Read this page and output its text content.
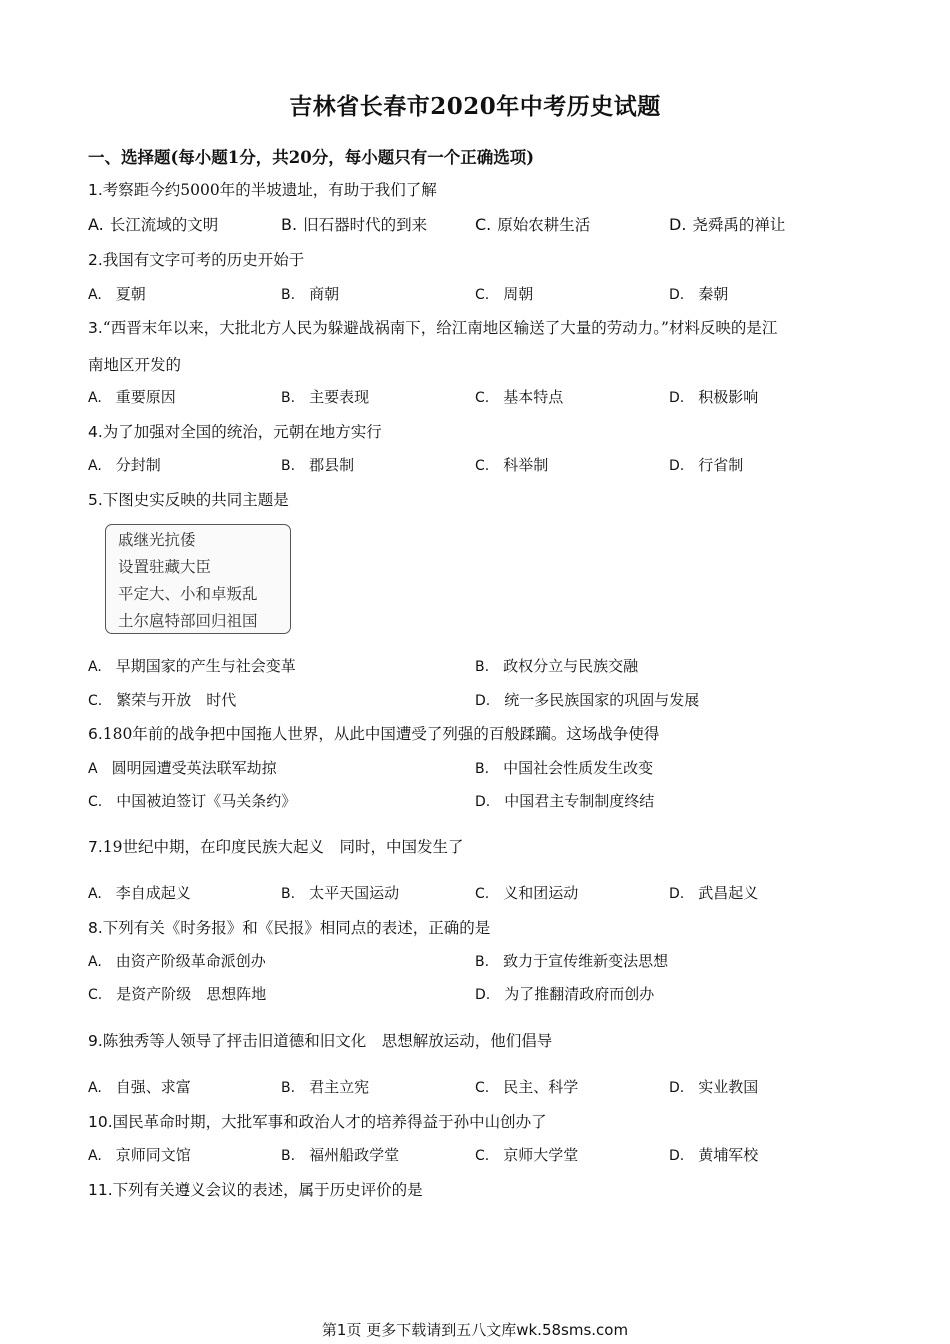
吉林省长春市2020年中考历史试题
一、选择题(每小题1分，共20分，每小题只有一个正确选项)
1.考察距今约5000年的半坡遗址，有助于我们了解
A. 长江流域的文明	B. 旧石器时代的到来	C. 原始农耕生活	D. 尧舜禹的禅让
2.我国有文字可考的历史开始于
A. 夏朝	B. 商朝	C. 周朝	D. 秦朝
3.“西晋末年以来，大批北方人民为躲避战祸南下，给江南地区输送了大量的劳动力。”材料反映的是江
南地区开发的
A. 重要原因	B. 主要表现	C. 基本特点	D. 积极影响
4.为了加强对全国的统治，元朝在地方实行
A. 分封制	B. 郡县制	C. 科举制	D. 行省制
5.下图史实反映的共同主题是
戚继光抗倭
设置驻藏大臣
平定大、小和卓叛乱
土尔扈特部回归祖国
A. 早期国家的产生与社会变革	B. 政权分立与民族交融
C. 繁荣与开放　时代	D. 统一多民族国家的巩固与发展
6.180年前的战争把中国拖人世界，从此中国遭受了列强的百般蹂躏。这场战争使得
A 圆明园遭受英法联军劫掠	B. 中国社会性质发生改变
C. 中国被迫签订《马关条约》	D. 中国君主专制制度终结
7.19世纪中期，在印度民族大起义　同时，中国发生了
A. 李自成起义	B. 太平天国运动	C. 义和团运动	D. 武昌起义
8.下列有关《时务报》和《民报》相同点的表述，正确的是
A. 由资产阶级革命派创办	B. 致力于宣传维新变法思想
C. 是资产阶级　思想阵地	D. 为了推翻清政府而创办
9.陈独秀等人领导了抨击旧道德和旧文化　思想解放运动，他们倡导
A. 自强、求富	B. 君主立宪	C. 民主、科学	D. 实业教国
10.国民革命时期，大批军事和政治人才的培养得益于孙中山创办了
A. 京师同文馆	B. 福州船政学堂	C. 京师大学堂	D. 黄埔军校
11.下列有关遵义会议的表述，属于历史评价的是
第1页 更多下载请到五八文库wk.58sms.com
